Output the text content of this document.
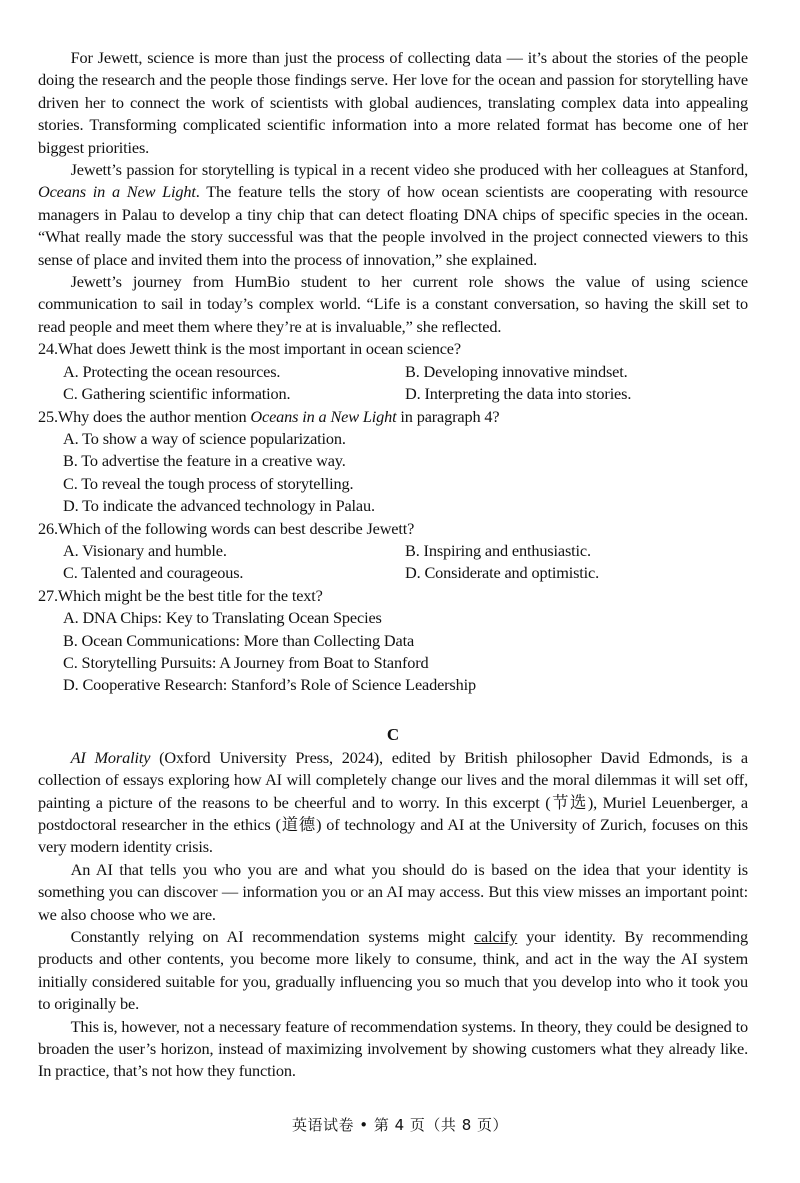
For Jewett, science is more than just the process of collecting data — it’s about the stories of the people doing the research and the people those findings serve. Her love for the ocean and passion for storytelling have driven her to connect the work of scientists with global audiences, translating complex data into appealing stories. Transforming complicated scientific information into a more related format has become one of her biggest priorities.

Jewett’s passion for storytelling is typical in a recent video she produced with her colleagues at Stanford, Oceans in a New Light. The feature tells the story of how ocean scientists are cooperating with resource managers in Palau to develop a tiny chip that can detect floating DNA chips of specific species in the ocean. “What really made the story successful was that the people involved in the project connected viewers to this sense of place and invited them into the process of innovation,” she explained.

Jewett’s journey from HumBio student to her current role shows the value of using science communication to sail in today’s complex world. “Life is a constant conversation, so having the skill set to read people and meet them where they’re at is invaluable,” she reflected.

24.What does Jewett think is the most important in ocean science?

A. Protecting the ocean resources.	B. Developing innovative mindset.
C. Gathering scientific information.	D. Interpreting the data into stories.

25.Why does the author mention Oceans in a New Light in paragraph 4?

A. To show a way of science popularization.
B. To advertise the feature in a creative way.
C. To reveal the tough process of storytelling.
D. To indicate the advanced technology in Palau.

26.Which of the following words can best describe Jewett?

A. Visionary and humble.	B. Inspiring and enthusiastic.
C. Talented and courageous.	D. Considerate and optimistic.

27.Which might be the best title for the text?

A. DNA Chips: Key to Translating Ocean Species
B. Ocean Communications: More than Collecting Data
C. Storytelling Pursuits: A Journey from Boat to Stanford
D. Cooperative Research: Stanford’s Role of Science Leadership

C

AI Morality (Oxford University Press, 2024), edited by British philosopher David Edmonds, is a collection of essays exploring how AI will completely change our lives and the moral dilemmas it will set off, painting a picture of the reasons to be cheerful and to worry. In this excerpt (节选), Muriel Leuenberger, a postdoctoral researcher in the ethics (道德) of technology and AI at the University of Zurich, focuses on this very modern identity crisis.

An AI that tells you who you are and what you should do is based on the idea that your identity is something you can discover — information you or an AI may access. But this view misses an important point: we also choose who we are.

Constantly relying on AI recommendation systems might calcify your identity. By recommending products and other contents, you become more likely to consume, think, and act in the way the AI system initially considered suitable for you, gradually influencing you so much that you develop into who it took you to originally be.

This is, however, not a necessary feature of recommendation systems. In theory, they could be designed to broaden the user’s horizon, instead of maximizing involvement by showing customers what they already like. In practice, that’s not how they function.

英语试卷 • 第 4 页（共 8 页）
